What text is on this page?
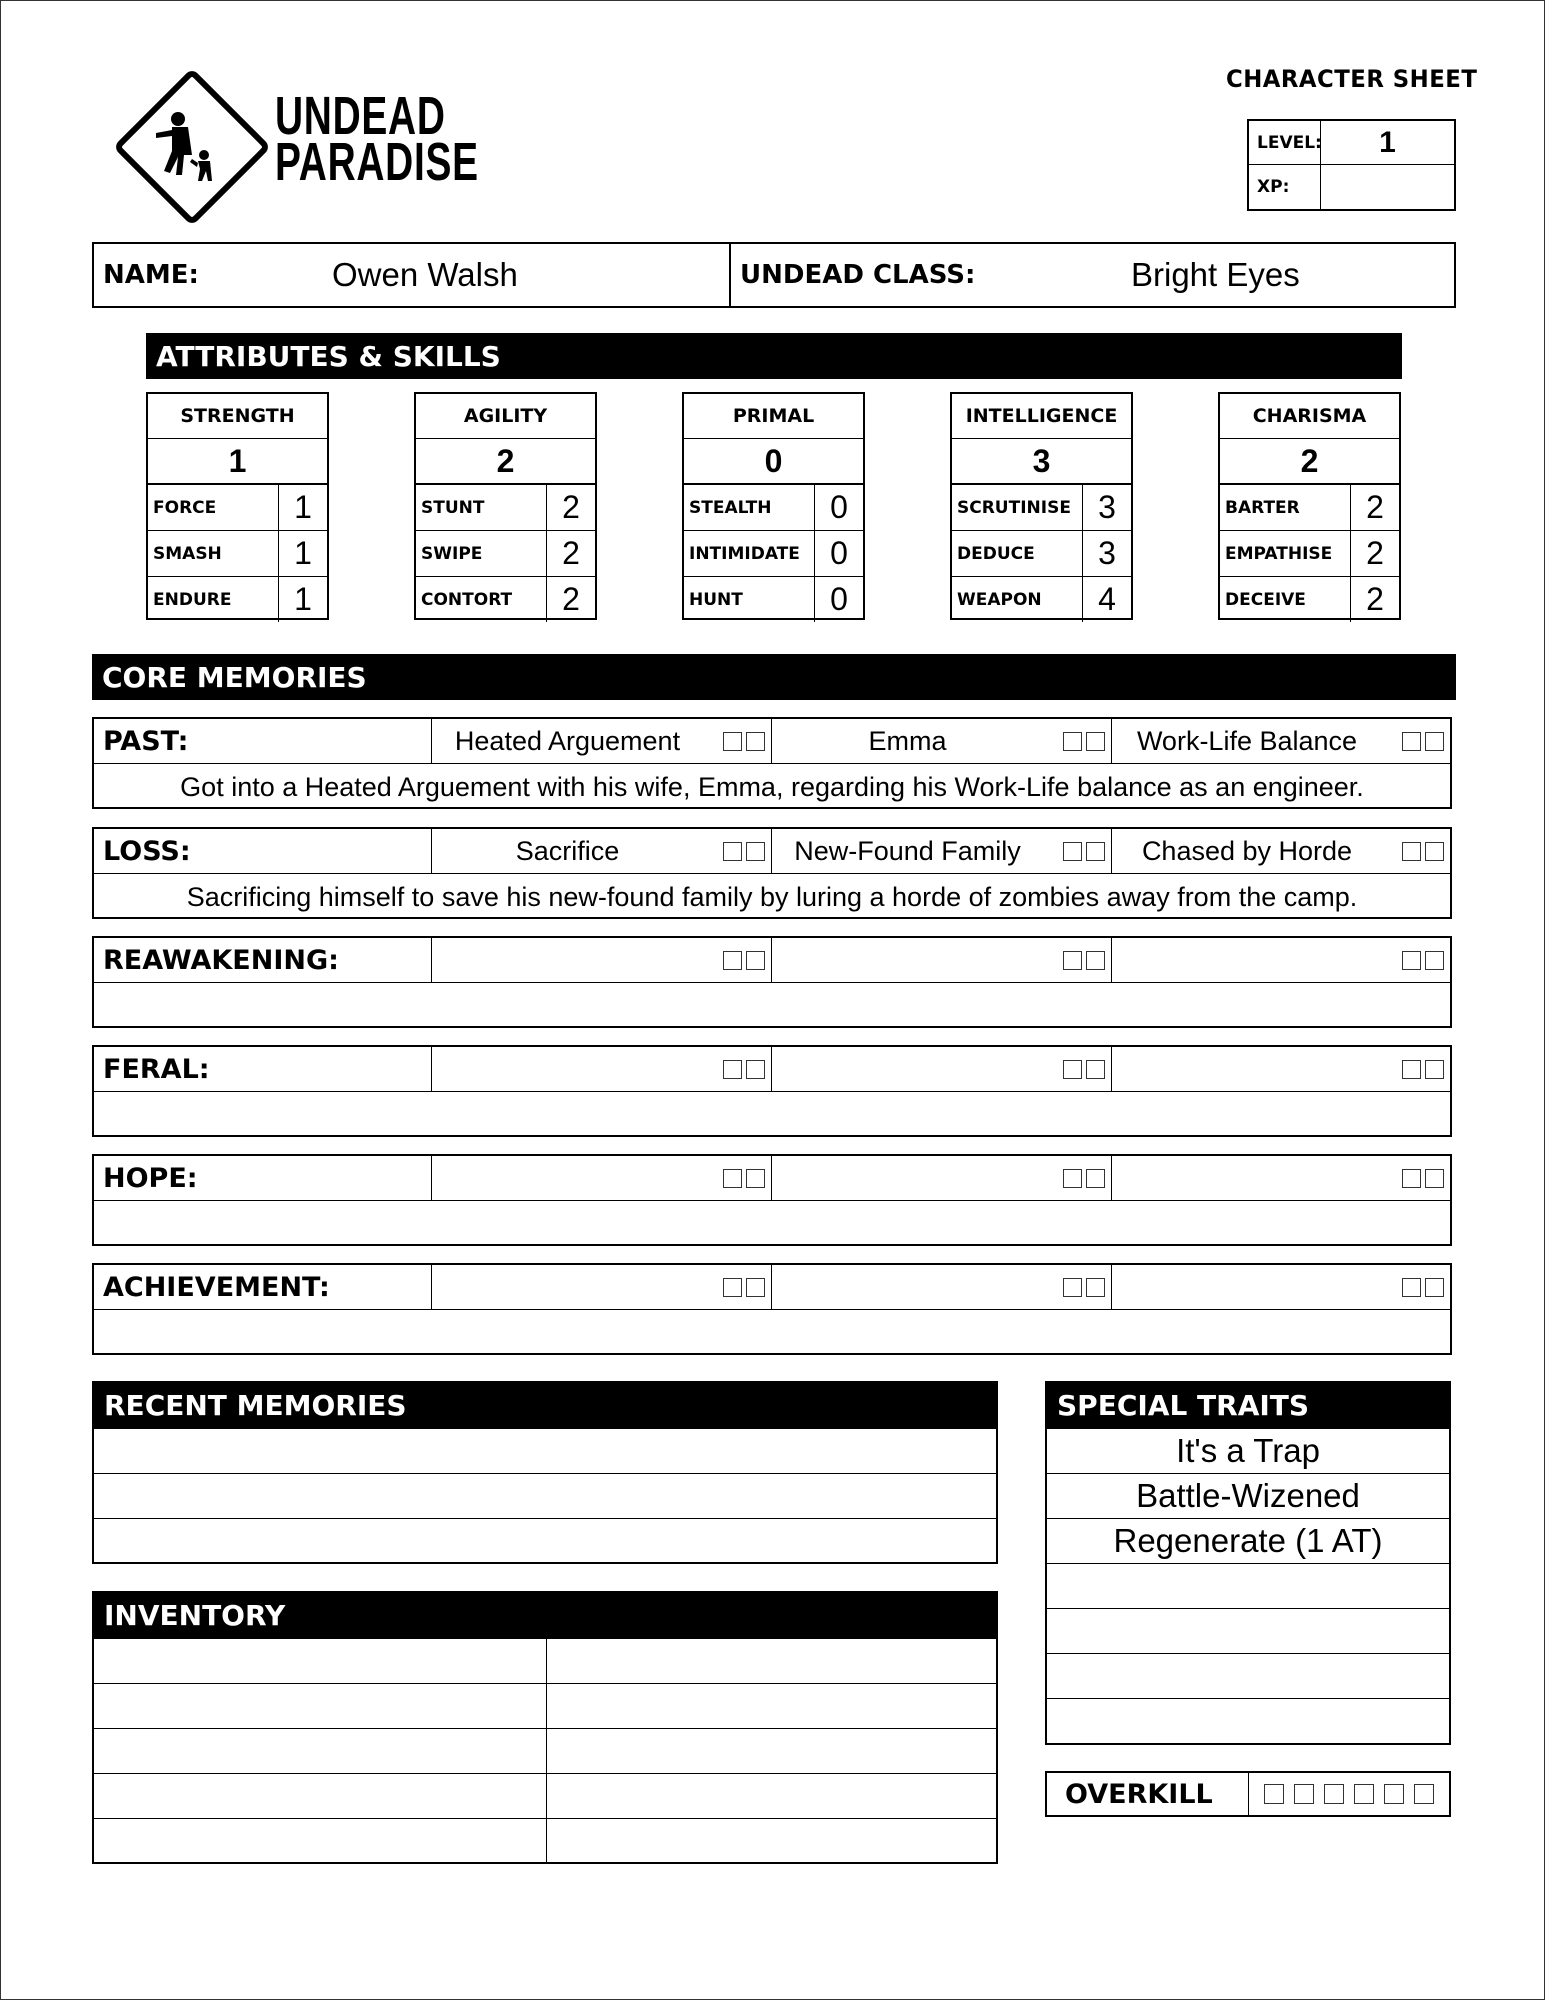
UNDEAD
PARADISE
CHARACTER SHEET
LEVEL:	1
XP:
NAME:	Owen Walsh	UNDEAD CLASS:	Bright Eyes
ATTRIBUTES & SKILLS
STRENGTH
1
FORCE	1
SMASH	1
ENDURE	1
AGILITY
2
STUNT	2
SWIPE	2
CONTORT	2
PRIMAL
0
STEALTH	0
INTIMIDATE 0
HUNT	0
INTELLIGENCE
3
SCRUTINISE 3
DEDUCE	3
WEAPON	4
CHARISMA
2
BARTER	2
EMPATHISE	2
DECEIVE	2
CORE MEMORIES
PAST:	Heated Arguement	Emma	Work-Life Balance
Got into a Heated Arguement with his wife, Emma, regarding his Work-Life balance as an engineer.
LOSS:	Sacrifice	New-Found Family	Chased by Horde
Sacrificing himself to save his new-found family by luring a horde of zombies away from the camp.
REAWAKENING:
FERAL:
HOPE:
ACHIEVEMENT:
RECENT MEMORIES
INVENTORY
SPECIAL TRAITS
It's a Trap
Battle-Wizened
Regenerate (1 AT)
OVERKILL
